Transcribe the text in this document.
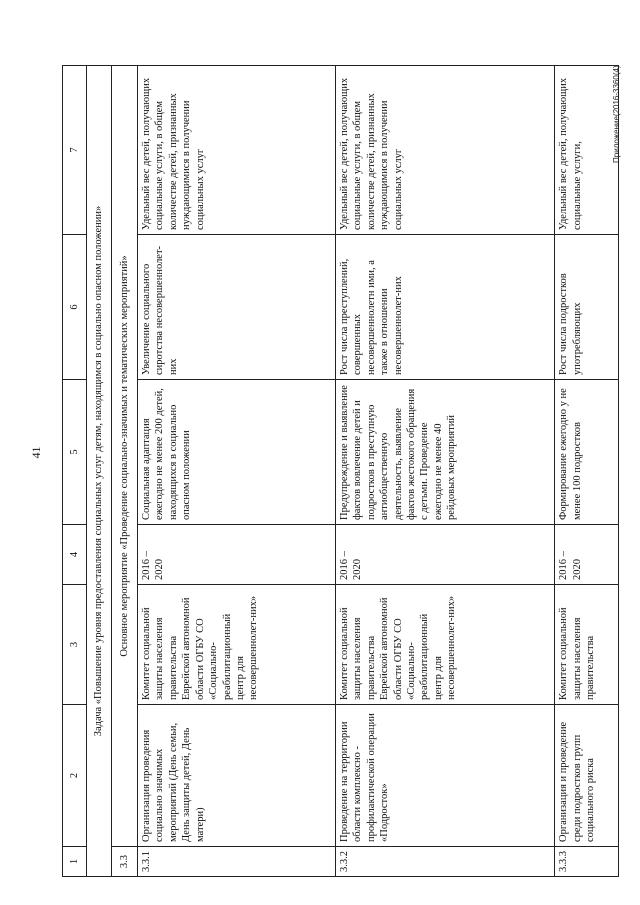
41
1	2	3	4	5	6	7
Задача «Повышение уровня предоставления социальных услуг детям, находящимся в социально опасном положении»						
3.3	Основное мероприятие «Проведение социально-значимых и тематических мероприятий»					
3.3.1	Организация проведения социально значимых мероприятий (День семьи, День защиты детей, День матери)	Комитет социальной защиты населения правительства Еврейской автономной области ОГБУ СО «Социально-реабилитационный центр для несовершеннолет-них»	2016 – 2020	Социальная адаптация ежегодно не менее 200 детей, находящихся в социально опасном положении	Увеличение социального сиротства несовершеннолет-них	Удельный вес детей, получающих социальные услуги, в общем количестве детей, признанных нуждающимися в получении социальных услуг
3.3.2	Проведение на территории области комплексно - профилактической операции «Подросток»	Комитет социальной защиты населения правительства Еврейской автономной области ОГБУ СО «Социально-реабилитационный центр для несовершеннолет-них»	2016 – 2020	Предупреждение и выявление фактов вовлечение детей и подростков в преступную антиобщественную деятельность, выявление фактов жестокого обращения с детьми. Проведение ежегодно не менее 40 рейдовых мероприятий	Рост числа преступлений, совершенных несовершеннолетн ими, а также в отношении несовершеннолет-них	Удельный вес детей, получающих социальные услуги, в общем количестве детей, признанных нуждающимися в получении социальных услуг
3.3.3	Организация и проведение среди подростков групп социального риска	Комитет социальной защиты населения правительства	2016 – 2020	Формирование ежегодно у не менее 100 подростков	Рост числа подростков употребляющих	Удельный вес детей, получающих социальные услуги,
Приложение(2016-3360(4)
